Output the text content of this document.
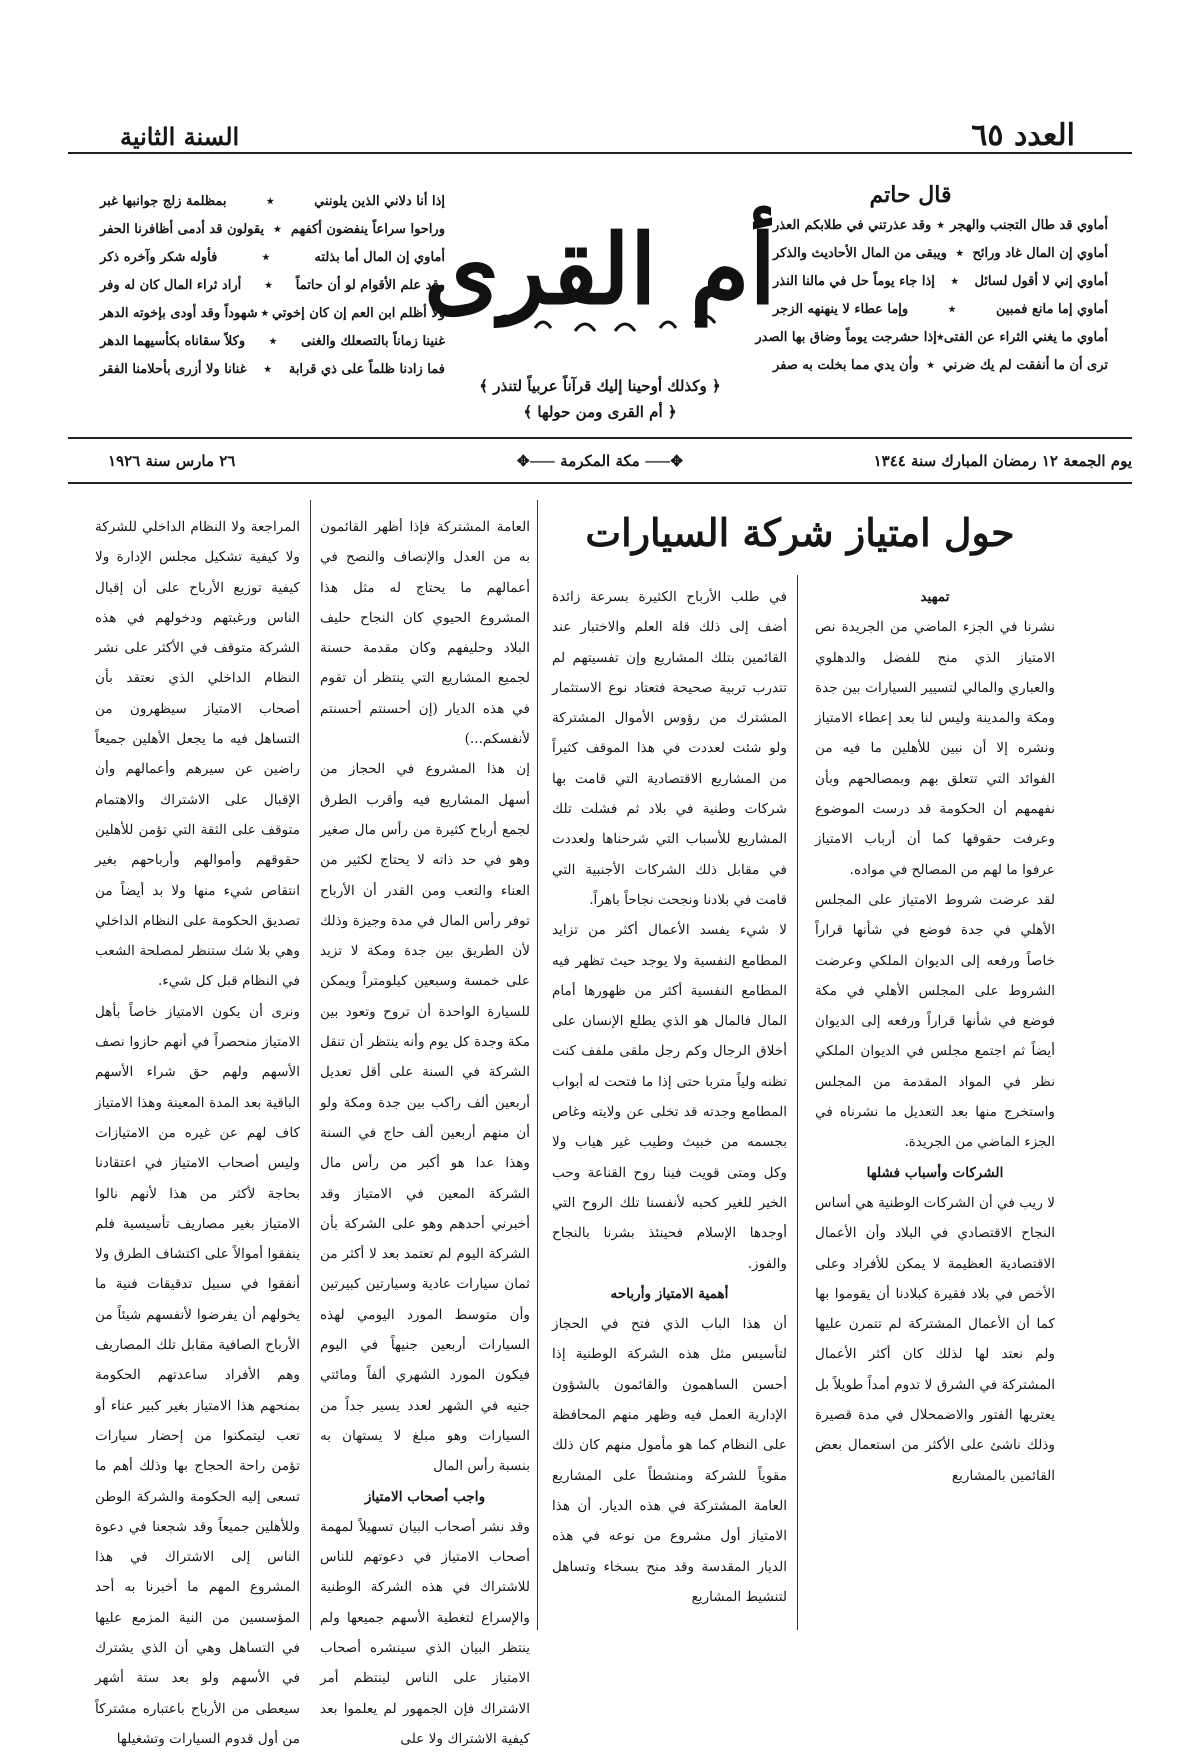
العدد ٦٥
السنة الثانية
قال حاتم
أماوي قد طال التجنب والهجر
٭
وقد عذرتني في طلابكم العذر
أماوي إن المال غاد ورائح
٭
ويبقى من المال الأحاديث والذكر
أماوي إني لا أقول لسائل
٭
إذا جاء يوماً حل في مالنا النذر
أماوي إما مانع فمبين
٭
وإما عطاء لا ينهنهه الزجر
أماوي ما يغني الثراء عن الفتى
٭
إذا حشرجت يوماً وضاق بها الصدر
ترى أن ما أنفقت لم يك ضرني
٭
وأن يدي مما بخلت به صفر
أم القرى
﴿ وكذلك أوحينا إليك قرآناً عربياً لتنذر ﴾
﴿ أم القرى ومن حولها ﴾
إذا أنا دلاني الذين يلونني
٭
بمظلمة زلج جوانبها غبر
وراحوا سراعاً ينفضون أكفهم
٭
يقولون قد أدمى أظافرنا الحفر
أماوي إن المال أما بذلته
٭
فأوله شكر وآخره ذكر
وقد علم الأقوام لو أن حاتماً
٭
أراد ثراء المال كان له وفر
ولا أظلم ابن العم إن كان إخوتي
٭
شهوداً وقد أودى بإخوته الدهر
غنينا زماناً بالتصعلك والغنى
٭
وكلاً سقاناه بكأسيهما الدهر
فما زادنا ظلماً على ذي قرابة
٭
غنانا ولا أزرى بأحلامنا الفقر
يوم الجمعة ١٢ رمضان المبارك سنة ١٣٤٤
✥⸺ مكة المكرمة ⸺✥
٢٦ مارس سنة ١٩٢٦
حول امتياز شركة السيارات

تمهيد

نشرنا في الجزء الماضي من الجريدة نص الامتياز الذي منح للفضل والدهلوي والعباري والمالي لتسيير السيارات بين جدة ومكة والمدينة وليس لنا بعد إعطاء الامتياز ونشره إلا أن نبين للأهلين ما فيه من الفوائد التي تتعلق بهم وبمصالحهم وبأن نفهمهم أن الحكومة قد درست الموضوع وعرفت حقوقها كما أن أرباب الامتياز عرفوا ما لهم من المصالح في مواده.

لقد عرضت شروط الامتياز على المجلس الأهلي في جدة فوضع في شأنها قراراً خاصاً ورفعه إلى الديوان الملكي وعرضت الشروط على المجلس الأهلي في مكة فوضع في شأنها قراراً ورفعه إلى الديوان أيضاً ثم اجتمع مجلس في الديوان الملكي نظر في المواد المقدمة من المجلس واستخرج منها بعد التعديل ما نشرناه في الجزء الماضي من الجريدة.

الشركات وأسباب فشلها

لا ريب في أن الشركات الوطنية هي أساس النجاح الاقتصادي في البلاد وأن الأعمال الاقتصادية العظيمة لا يمكن للأفراد وعلى الأخص في بلاد فقيرة كبلادنا أن يقوموا بها كما أن الأعمال المشتركة لم تتمرن عليها ولم نعتد لها لذلك كان أكثر الأعمال المشتركة في الشرق لا تدوم أمداً طويلاً بل يعتريها الفتور والاضمحلال في مدة قصيرة وذلك ناشئ على الأكثر من استعمال بعض القائمين بالمشاريع

في طلب الأرباح الكثيرة بسرعة زائدة أضف إلى ذلك قلة العلم والاختبار عند القائمين بتلك المشاريع وإن تفسيتهم لم تتدرب تربية صحيحة فتعتاد نوع الاستثمار المشترك من رؤوس الأموال المشتركة ولو شئت لعددت في هذا الموقف كثيراً من المشاريع الاقتصادية التي قامت بها شركات وطنية في بلاد ثم فشلت تلك المشاريع للأسباب التي شرحناها ولعددت في مقابل ذلك الشركات الأجنبية التي قامت في بلادنا ونجحت نجاحاً باهراً.

لا شيء يفسد الأعمال أكثر من تزايد المطامع النفسية ولا يوجد حيث تظهر فيه المطامع النفسية أكثر من ظهورها أمام المال فالمال هو الذي يطلع الإنسان على أخلاق الرجال وكم رجل ملقى ملفف كنت تظنه ولياً متربا حتى إذا ما فتحت له أبواب المطامع وجدته قد تخلى عن ولايته وغاص بجسمه من خبيث وطيب غير هياب ولا وكل ومتى قويت فينا روح القناعة وحب الخير للغير كحبه لأنفسنا تلك الروح التي أوجدها الإسلام فحينئذ بشرنا بالنجاح والفوز.

أهمية الامتياز وأرباحه

أن هذا الباب الذي فتح في الحجاز لتأسيس مثل هذه الشركة الوطنية إذا أحسن الساهمون والقائمون بالشؤون الإدارية العمل فيه وظهر منهم المحافظة على النظام كما هو مأمول منهم كان ذلك مقوياً للشركة ومنشطاً على المشاريع العامة المشتركة في هذه الديار. أن هذا الامتياز أول مشروع من نوعه في هذه الديار المقدسة وقد منح بسخاء وتساهل لتنشيط المشاريع

العامة المشتركة فإذا أظهر القائمون به من العدل والإنصاف والنصح في أعمالهم ما يحتاج له مثل هذا المشروع الحيوي كان النجاح حليف البلاد وحليفهم وكان مقدمة حسنة لجميع المشاريع التي ينتظر أن تقوم في هذه الديار (إن أحسنتم أحسنتم لأنفسكم...)

إن هذا المشروع في الحجاز من أسهل المشاريع فيه وأقرب الطرق لجمع أرباح كثيرة من رأس مال صغير وهو في حد ذاته لا يحتاج لكثير من العناء والتعب ومن القدر أن الأرباح توفر رأس المال في مدة وجيزة وذلك لأن الطريق بين جدة ومكة لا تزيد على خمسة وسبعين كيلومتراً ويمكن للسيارة الواحدة أن تروح وتعود بين مكة وجدة كل يوم وأنه ينتظر أن تنقل الشركة في السنة على أقل تعديل أربعين ألف راكب بين جدة ومكة ولو أن منهم أربعين ألف حاج في السنة وهذا عدا هو أكبر من رأس مال الشركة المعين في الامتياز وقد أخبرني أحدهم وهو على الشركة بأن الشركة اليوم لم تعتمد بعد لا أكثر من ثمان سيارات عادية وسيارتين كبيرتين وأن متوسط المورد اليومي لهذه السيارات أربعين جنيهاً في اليوم فيكون المورد الشهري ألفاً ومائتي جنيه في الشهر لعدد يسير جداً من السيارات وهو مبلغ لا يستهان به بنسبة رأس المال

واجب أصحاب الامتياز

وقد نشر أصحاب البيان تسهيلاً لمهمة أصحاب الامتياز في دعوتهم للناس للاشتراك في هذه الشركة الوطنية والإسراع لتغطية الأسهم جميعها ولم ينتظر البيان الذي سينشره أصحاب الامتياز على الناس لينتظم أمر الاشتراك فإن الجمهور لم يعلموا بعد كيفية الاشتراك ولا على

المراجعة ولا النظام الداخلي للشركة ولا كيفية تشكيل مجلس الإدارة ولا كيفية توزيع الأرباح على أن إقبال الناس ورغبتهم ودخولهم في هذه الشركة متوقف في الأكثر على نشر النظام الداخلي الذي نعتقد بأن أصحاب الامتياز سيظهرون من التساهل فيه ما يجعل الأهلين جميعاً راضين عن سيرهم وأعمالهم وأن الإقبال على الاشتراك والاهتمام متوقف على الثقة التي تؤمن للأهلين حقوقهم وأموالهم وأرباحهم بغير انتقاص شيء منها ولا بد أيضاً من تصديق الحكومة على النظام الداخلي وهي بلا شك ستنظر لمصلحة الشعب في النظام قبل كل شيء.

ونرى أن يكون الامتياز خاصاً بأهل الامتياز منحصراً في أنهم حازوا نصف الأسهم ولهم حق شراء الأسهم الباقية بعد المدة المعينة وهذا الامتياز كاف لهم عن غيره من الامتيازات وليس أصحاب الامتياز في اعتقادنا بحاجة لأكثر من هذا لأنهم نالوا الامتياز بغير مصاريف تأسيسية فلم ينفقوا أموالاً على اكتشاف الطرق ولا أنفقوا في سبيل تدقيقات فنية ما يخولهم أن يفرضوا لأنفسهم شيئاً من الأرباح الصافية مقابل تلك المصاريف وهم الأفراد ساعدتهم الحكومة بمنحهم هذا الامتياز بغير كبير عناء أو تعب ليتمكنوا من إحضار سيارات تؤمن راحة الحجاج بها وذلك أهم ما تسعى إليه الحكومة والشركة الوطن وللأهلين جميعاً وقد شجعنا في دعوة الناس إلى الاشتراك في هذا المشروع المهم ما أخبرنا به أحد المؤسسين من النية المزمع عليها في التساهل وهي أن الذي يشترك في الأسهم ولو بعد ستة أشهر سيعطى من الأرباح باعتباره مشتركاً من أول قدوم السيارات وتشغيلها
